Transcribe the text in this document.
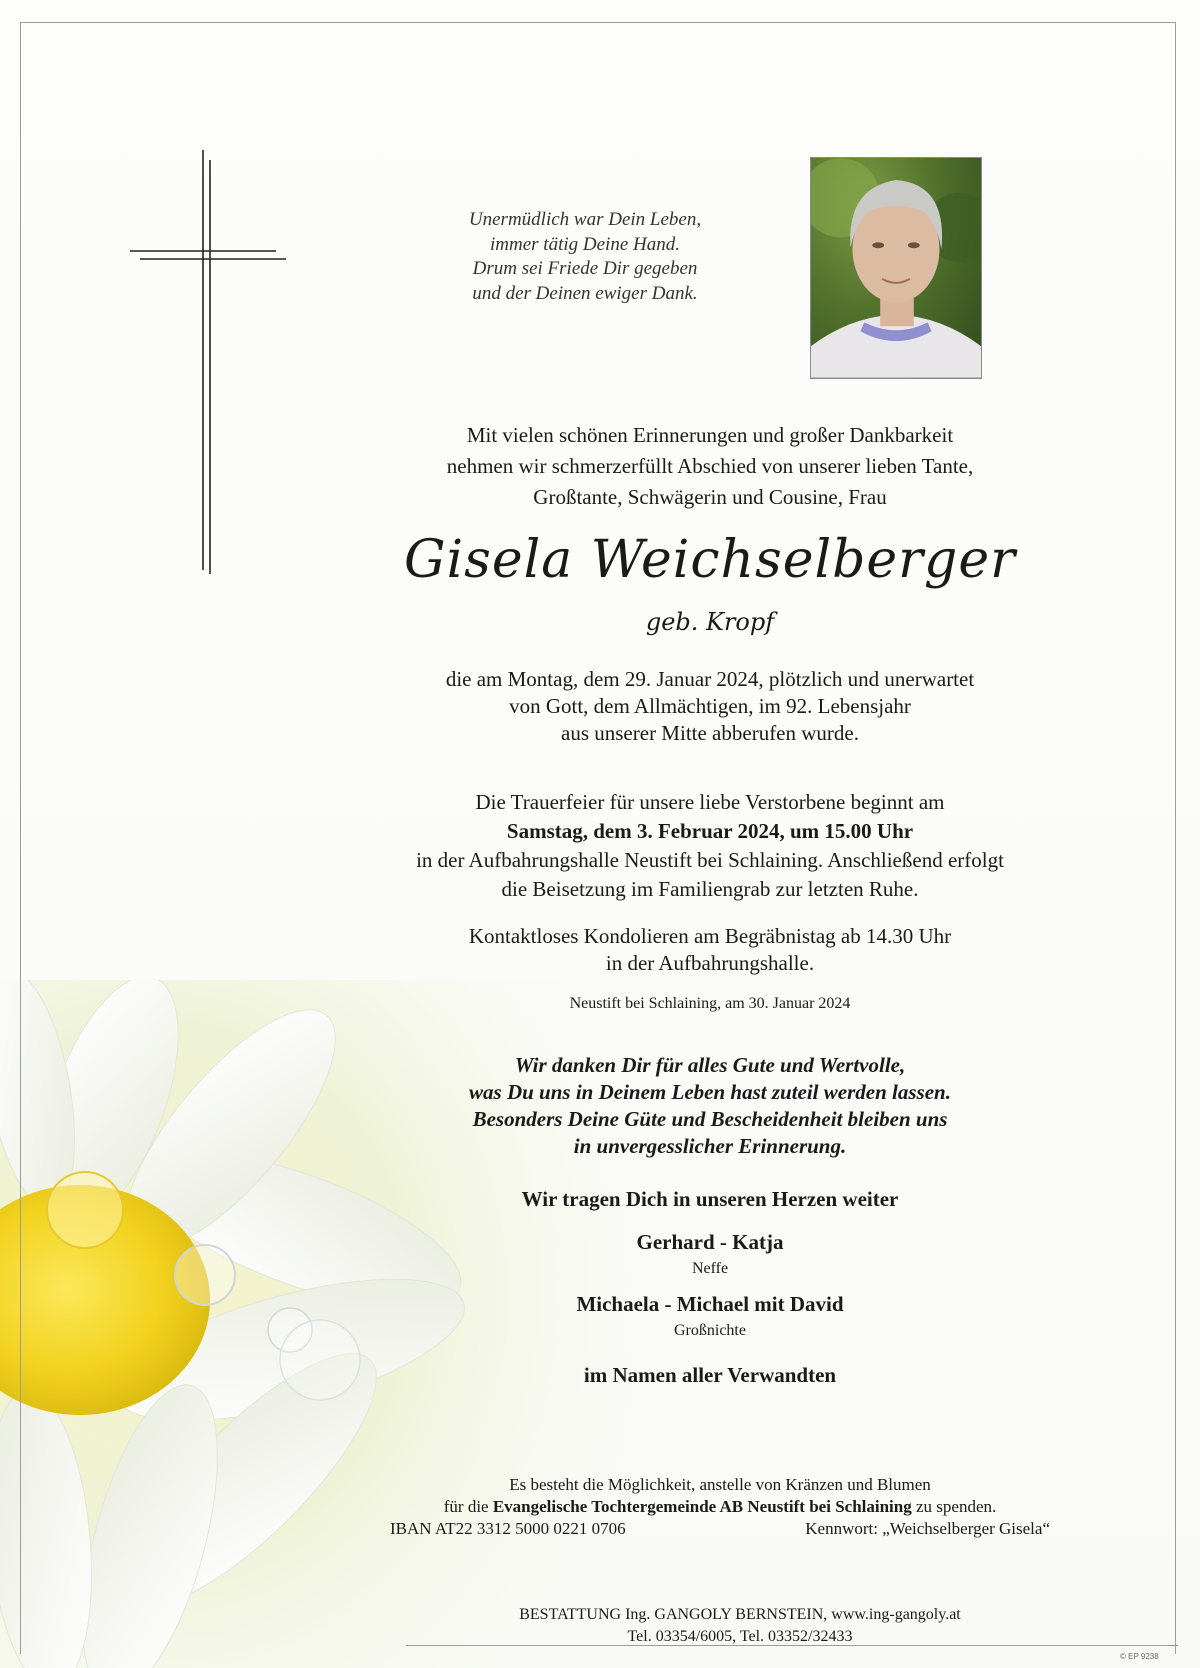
Unermüdlich war Dein Leben,
immer tätig Deine Hand.
Drum sei Friede Dir gegeben
und der Deinen ewiger Dank.
Mit vielen schönen Erinnerungen und großer Dankbarkeit
nehmen wir schmerzerfüllt Abschied von unserer lieben Tante,
Großtante, Schwägerin und Cousine, Frau
Gisela Weichselberger
geb. Kropf
die am Montag, dem 29. Januar 2024, plötzlich und unerwartet
von Gott, dem Allmächtigen, im 92. Lebensjahr
aus unserer Mitte abberufen wurde.
Die Trauerfeier für unsere liebe Verstorbene beginnt am
Samstag, dem 3. Februar 2024, um 15.00 Uhr
in der Aufbahrungshalle Neustift bei Schlaining. Anschließend erfolgt
die Beisetzung im Familiengrab zur letzten Ruhe.
Kontaktloses Kondolieren am Begräbnistag ab 14.30 Uhr
in der Aufbahrungshalle.
Neustift bei Schlaining, am 30. Januar 2024
Wir danken Dir für alles Gute und Wertvolle,
was Du uns in Deinem Leben hast zuteil werden lassen.
Besonders Deine Güte und Bescheidenheit bleiben uns
in unvergesslicher Erinnerung.
Wir tragen Dich in unseren Herzen weiter
Gerhard - Katja
Neffe
Michaela - Michael mit David
Großnichte
im Namen aller Verwandten
Es besteht die Möglichkeit, anstelle von Kränzen und Blumen
für die Evangelische Tochtergemeinde AB Neustift bei Schlaining zu spenden.
IBAN AT22 3312 5000 0221 0706	Kennwort: „Weichselberger Gisela“
BESTATTUNG Ing. GANGOLY BERNSTEIN, www.ing-gangoly.at
Tel. 03354/6005, Tel. 03352/32433
© EP 9238
